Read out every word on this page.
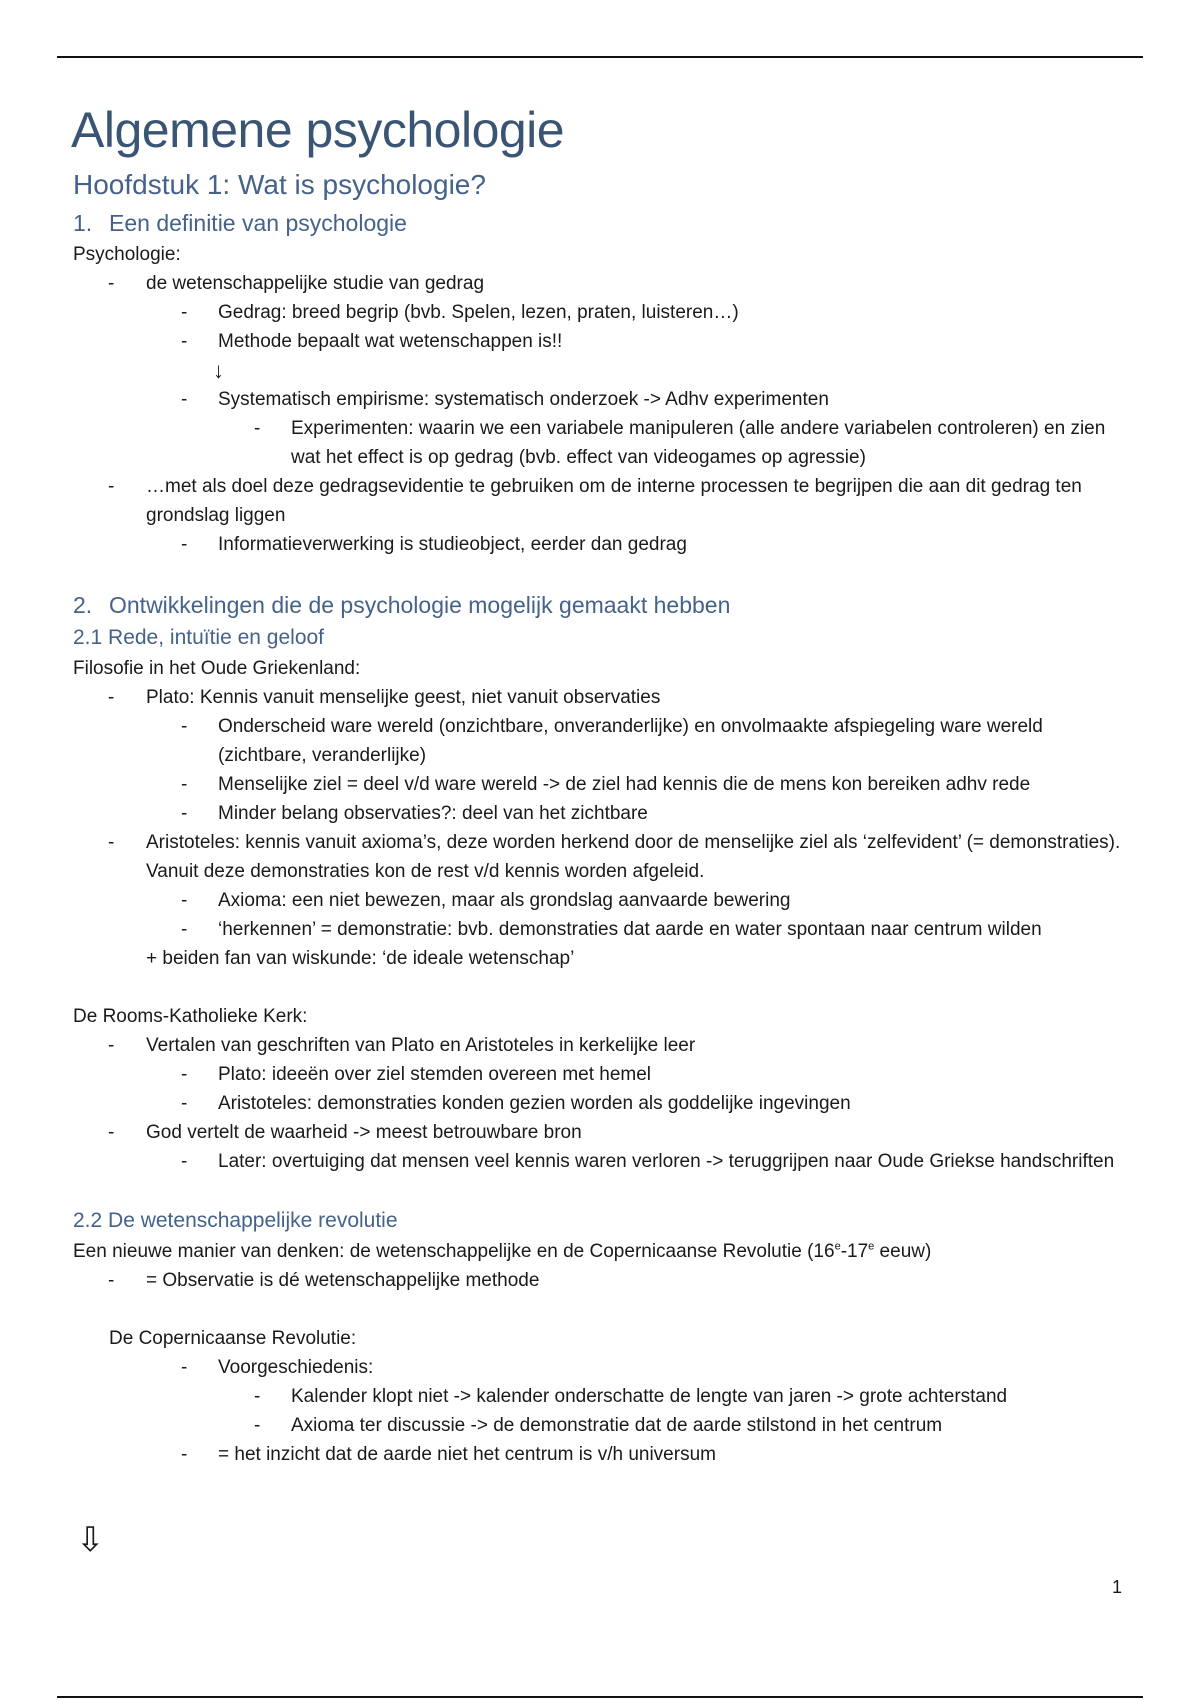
Algemene psychologie
Hoofdstuk 1: Wat is psychologie?
1. Een definitie van psychologie
Psychologie:
- de wetenschappelijke studie van gedrag
- Gedrag: breed begrip (bvb. Spelen, lezen, praten, luisteren…)
- Methode bepaalt wat wetenschappen is!!
↓
- Systematisch empirisme: systematisch onderzoek -> Adhv experimenten
- Experimenten: waarin we een variabele manipuleren (alle andere variabelen controleren) en zien wat het effect is op gedrag (bvb. effect van videogames op agressie)
- …met als doel deze gedragsevidentie te gebruiken om de interne processen te begrijpen die aan dit gedrag ten grondslag liggen
- Informatieverwerking is studieobject, eerder dan gedrag
2. Ontwikkelingen die de psychologie mogelijk gemaakt hebben
2.1 Rede, intuïtie en geloof
Filosofie in het Oude Griekenland:
- Plato: Kennis vanuit menselijke geest, niet vanuit observaties
- Onderscheid ware wereld (onzichtbare, onveranderlijke) en onvolmaakte afspiegeling ware wereld (zichtbare, veranderlijke)
- Menselijke ziel = deel v/d ware wereld -> de ziel had kennis die de mens kon bereiken adhv rede
- Minder belang observaties?: deel van het zichtbare
- Aristoteles: kennis vanuit axioma’s, deze worden herkend door de menselijke ziel als ‘zelfevident’ (= demonstraties). Vanuit deze demonstraties kon de rest v/d kennis worden afgeleid.
- Axioma: een niet bewezen, maar als grondslag aanvaarde bewering
- ‘herkennen’ = demonstratie: bvb. demonstraties dat aarde en water spontaan naar centrum wilden
+ beiden fan van wiskunde: ‘de ideale wetenschap’
De Rooms-Katholieke Kerk:
- Vertalen van geschriften van Plato en Aristoteles in kerkelijke leer
- Plato: ideeën over ziel stemden overeen met hemel
- Aristoteles: demonstraties konden gezien worden als goddelijke ingevingen
- God vertelt de waarheid -> meest betrouwbare bron
- Later: overtuiging dat mensen veel kennis waren verloren -> teruggrijpen naar Oude Griekse handschriften
2.2 De wetenschappelijke revolutie
Een nieuwe manier van denken: de wetenschappelijke en de Copernicaanse Revolutie (16e-17e eeuw)
- = Observatie is dé wetenschappelijke methode
De Copernicaanse Revolutie:
- Voorgeschiedenis:
- Kalender klopt niet -> kalender onderschatte de lengte van jaren -> grote achterstand
- Axioma ter discussie -> de demonstratie dat de aarde stilstond in het centrum
- = het inzicht dat de aarde niet het centrum is v/h universum
⇩
1
